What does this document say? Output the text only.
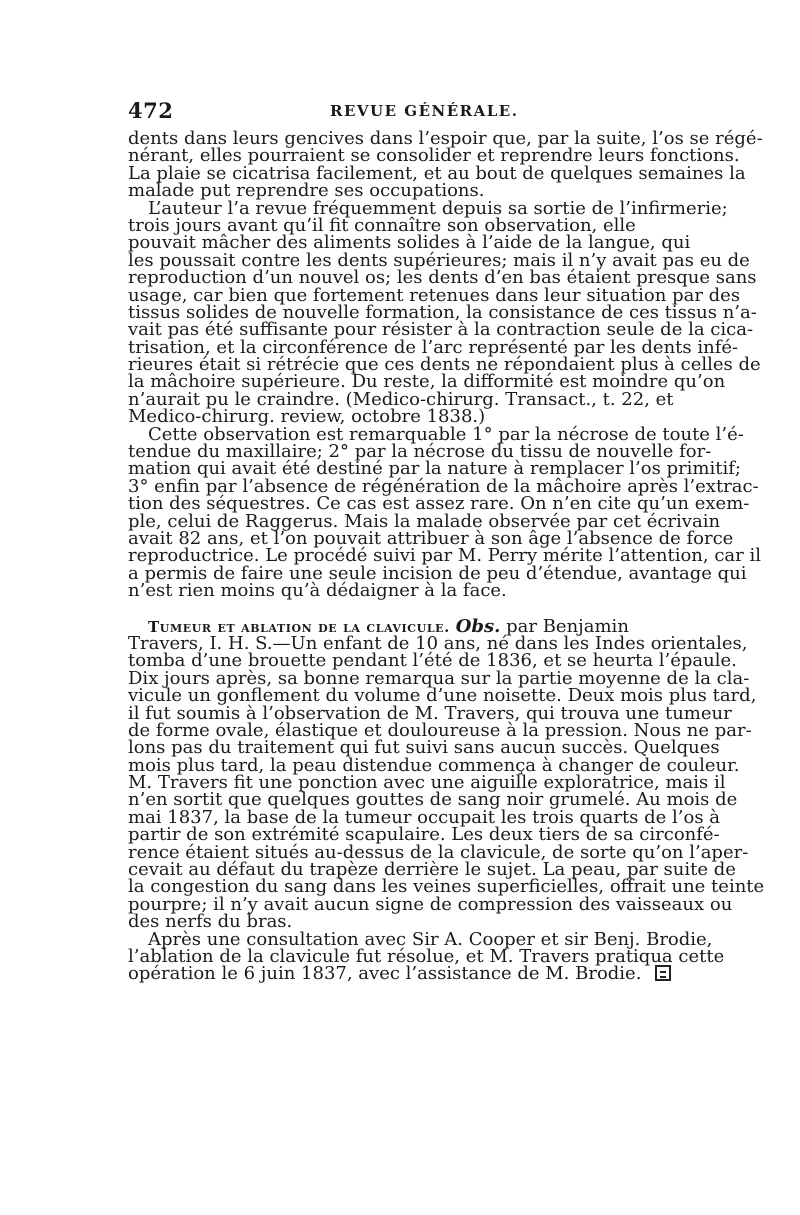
472	REVUE GÉNÉRALE.
dents dans leurs gencives dans l’espoir que, par la suite, l’os se régé-
nérant, elles pourraient se consolider et reprendre leurs fonctions.
La plaie se cicatrisa facilement, et au bout de quelques semaines la
malade put reprendre ses occupations.
L’auteur l’a revue fréquemment depuis sa sortie de l’infirmerie;
trois jours avant qu’il fit connaître son observation, elle
pouvait mâcher des aliments solides à l’aide de la langue, qui
les poussait contre les dents supérieures; mais il n’y avait pas eu de
reproduction d’un nouvel os; les dents d’en bas étaient presque sans
usage, car bien que fortement retenues dans leur situation par des
tissus solides de nouvelle formation, la consistance de ces tissus n’a-
vait pas été suffisante pour résister à la contraction seule de la cica-
trisation, et la circonférence de l’arc représenté par les dents infé-
rieures était si rétrécie que ces dents ne répondaient plus à celles de
la mâchoire supérieure. Du reste, la difformité est moindre qu’on
n’aurait pu le craindre. (Medico-chirurg. Transact., t. 22, et
Medico-chirurg. review, octobre 1838.)
Cette observation est remarquable 1° par la nécrose de toute l’é-
tendue du maxillaire; 2° par la nécrose du tissu de nouvelle for-
mation qui avait été destiné par la nature à remplacer l’os primitif;
3° enfin par l’absence de régénération de la mâchoire après l’extrac-
tion des séquestres. Ce cas est assez rare. On n’en cite qu’un exem-
ple, celui de Raggerus. Mais la malade observée par cet écrivain
avait 82 ans, et l’on pouvait attribuer à son âge l’absence de force
reproductrice. Le procédé suivi par M. Perry mérite l’attention, car il
a permis de faire une seule incision de peu d’étendue, avantage qui
n’est rien moins qu’à dédaigner à la face.
Tumeur et ablation de la clavicule. Obs. par Benjamin
Travers, I. H. S.—Un enfant de 10 ans, né dans les Indes orientales,
tomba d’une brouette pendant l’été de 1836, et se heurta l’épaule.
Dix jours après, sa bonne remarqua sur la partie moyenne de la cla-
vicule un gonflement du volume d’une noisette. Deux mois plus tard,
il fut soumis à l’observation de M. Travers, qui trouva une tumeur
de forme ovale, élastique et douloureuse à la pression. Nous ne par-
lons pas du traitement qui fut suivi sans aucun succès. Quelques
mois plus tard, la peau distendue commença à changer de couleur.
M. Travers fit une ponction avec une aiguille exploratrice, mais il
n’en sortit que quelques gouttes de sang noir grumelé. Au mois de
mai 1837, la base de la tumeur occupait les trois quarts de l’os à
partir de son extrémité scapulaire. Les deux tiers de sa circonfé-
rence étaient situés au-dessus de la clavicule, de sorte qu’on l’aper-
cevait au défaut du trapèze derrière le sujet. La peau, par suite de
la congestion du sang dans les veines superficielles, offrait une teinte
pourpre; il n’y avait aucun signe de compression des vaisseaux ou
des nerfs du bras.
Après une consultation avec Sir A. Cooper et sir Benj. Brodie,
l’ablation de la clavicule fut résolue, et M. Travers pratiqua cette
opération le 6 juin 1837, avec l’assistance de M. Brodie.
